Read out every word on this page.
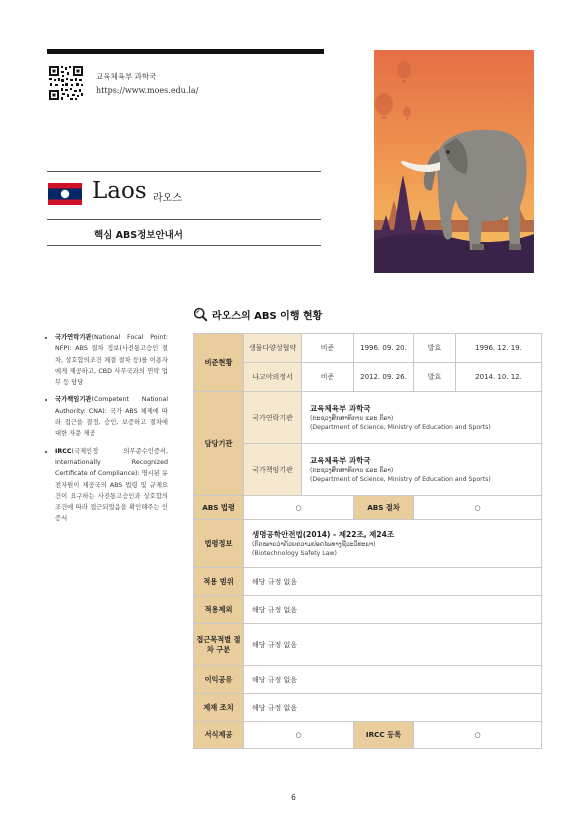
교육체육부 과학국
https://www.moes.edu.la/
Laos 라오스
핵심 ABS정보안내서
• 국가연락기관(National Focal Point: NFP): ABS 절차 정보(사전통고승인 절차, 상호합의조건 체결 절차 등)를 이용자에게 제공하고, CBD 사무국과의 연락 업무 등 담당
• 국가책임기관(Competent National Authority: CNA): 국가 ABS 체제에 따라 접근을 결정, 승인, 보증하고 절차에 대한 자문 제공
• IRCC(국제인정 의무준수인증서, Internationally Recognized Certificate of Compliance): 명시된 유전자원이 제공국의 ABS 법령 및 규제요건이 요구하는 사전통고승인과 상호합의조건에 따라 접근되었음을 확인해주는 인증서
라오스의 ABS 이행 현황
비준현황	생물다양성협약	비준	1996. 09. 20.	발효	1996. 12. 19.
	나고야의정서	비준	2012. 09. 26.	발효	2014. 10. 12.
담당기관	국가연락기관	교육체육부 과학국
(ກະຊວງສຶກສາທິການ ແລະ ກິລາ)
(Department of Science, Ministry of Education and Sports)			

	국가책임기관	교육체육부 과학국
(ກະຊວງສຶກສາທິການ ແລະ ກິລາ)
(Department of Science, Ministry of Education and Sports)			

ABS 법령	○		ABS 절차	○	
법령정보	생명공학안전법(2014) - 제22조, 제24조
(ກົດໝາຍວ່າດ້ວຍຄວາມປອດໄພທາງຊີວະວິທະຍາ)
(Biotechnology Safety Law)				

적용 범위	해당 규정 없음				
적용제외	해당 규정 없음				
접근목적별 절차 구분	해당 규정 없음				
이익공유	해당 규정 없음				
제재 조치	해당 규정 없음				
서식제공	○		IRCC 등록	○	
6
